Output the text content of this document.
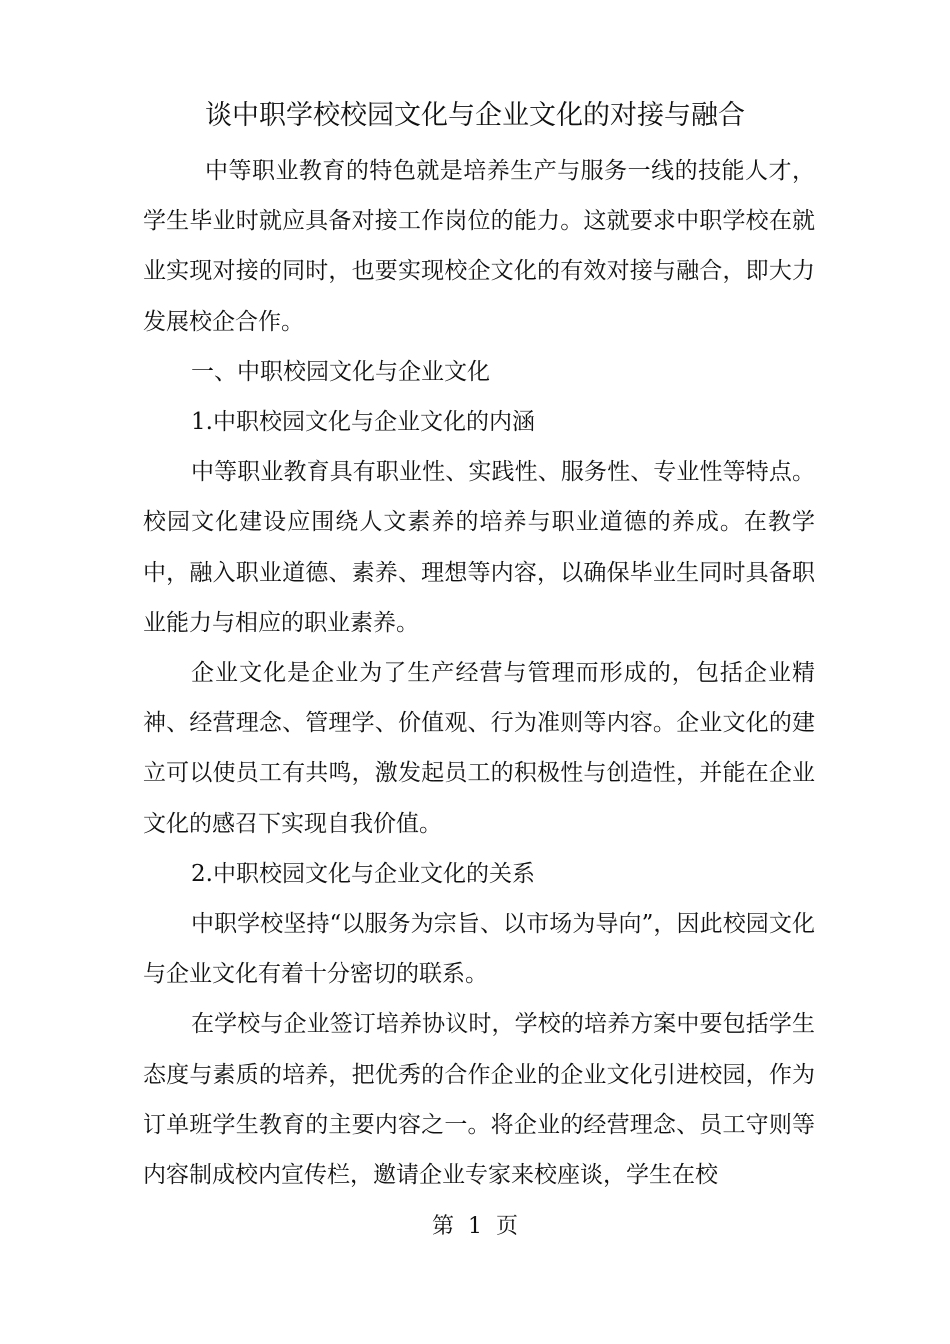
谈中职学校校园文化与企业文化的对接与融合

中等职业教育的特色就是培养生产与服务一线的技能人才，学生毕业时就应具备对接工作岗位的能力。这就要求中职学校在就业实现对接的同时，也要实现校企文化的有效对接与融合，即大力发展校企合作。

一、中职校园文化与企业文化

1.中职校园文化与企业文化的内涵

中等职业教育具有职业性、实践性、服务性、专业性等特点。校园文化建设应围绕人文素养的培养与职业道德的养成。在教学中，融入职业道德、素养、理想等内容，以确保毕业生同时具备职业能力与相应的职业素养。

企业文化是企业为了生产经营与管理而形成的，包括企业精神、经营理念、管理学、价值观、行为准则等内容。企业文化的建立可以使员工有共鸣，激发起员工的积极性与创造性，并能在企业文化的感召下实现自我价值。

2.中职校园文化与企业文化的关系

中职学校坚持“以服务为宗旨、以市场为导向”，因此校园文化与企业文化有着十分密切的联系。

在学校与企业签订培养协议时，学校的培养方案中要包括学生态度与素质的培养，把优秀的合作企业的企业文化引进校园，作为订单班学生教育的主要内容之一。将企业的经营理念、员工守则等内容制成校内宣传栏，邀请企业专家来校座谈，学生在校

第  1  页
